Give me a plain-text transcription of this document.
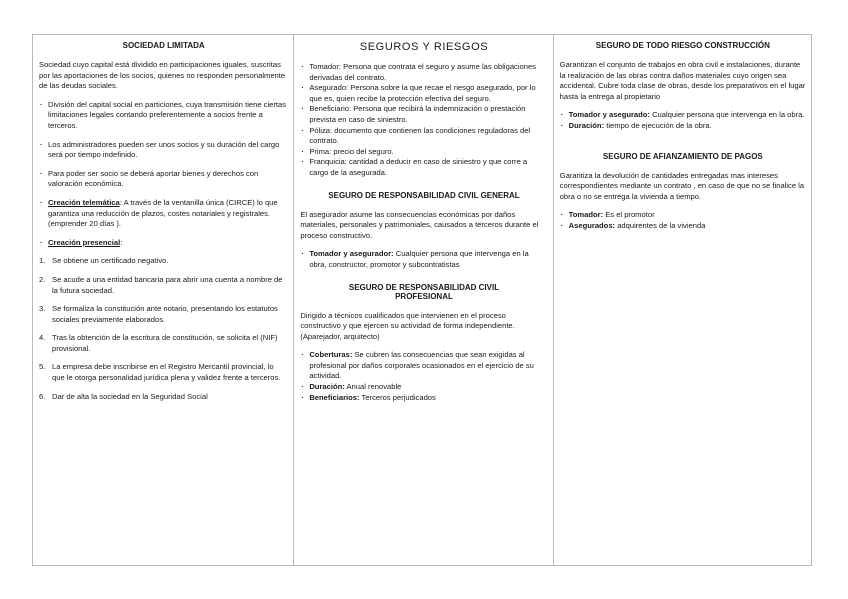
SOCIEDAD LIMITADA

Sociedad cuyo capital está dividido en participaciones iguales, suscritas por las aportaciones de los socios, quienes no responden personalmente de las deudas sociales.

· División del capital social en particiones, cuya transmisión tiene ciertas limitaciones legales contando preferentemente a socios frente a terceros.
· Los administradores pueden ser unos socios y su duración del cargo será por tiempo indefinido.
· Para poder ser socio se deberá aportar bienes y derechos con valoración económica.
· Creación telemática: A través de la ventanilla única (CIRCE) lo que garantiza una reducción de plazos, costes notariales y registrales.(emprender 20 días ).
· Creación presencial:
1. Se obtiene un certificado negativo.
2. Se acude a una entidad bancaria para abrir una cuenta a nombre de la futura sociedad.
3. Se formaliza la constitución ante notario, presentando los estatutos sociales previamente elaborados.
4. Tras la obtención de la escritura de constitución, se solicita el (NIF) provisional.
5. La empresa debe inscribirse en el Registro Mercantil provincial, lo que le otorga personalidad jurídica plena y validez frente a terceros.
6. Dar de alta la sociedad en la Seguridad Social
SEGUROS Y RIESGOS
· Tomador: Persona que contrata el seguro y asume las obligaciones derivadas del contrato.
· Asegurado: Persona sobre la que recae el riesgo asegurado, por lo que es, quien recibe la protección efectiva del seguro.
· Beneficiario: Persona que recibirá la indemnización o prestación prevista en caso de siniestro.
· Póliza: documento que contienen las condiciones reguladoras del contrato.
· Prima: precio del seguro.
· Franquicia: cantidad a deducir en caso de siniestro y que corre a cargo de la asegurada.
SEGURO DE RESPONSABILIDAD CIVIL GENERAL

El asegurador asume las consecuencias económicas por daños materiales, personales y patrimoniales, causados a terceros durante el proceso constructivo.

· Tomador y asegurador: Cualquier persona que intervenga en la obra, constructor, promotor y subcontratistas
SEGURO DE RESPONSABILIDAD CIVIL PROFESIONAL

Dirigido a técnicos cualificados que intervienen en el proceso constructivo y que ejercen su actividad de forma independiente. (Aparejador, arquitecto)

· Coberturas: Se cubren las consecuencias que sean exigidas al profesional por daños corporales ocasionados en el ejercicio de su actividad.
· Duración: Anual renovable
· Beneficiarios: Terceros perjudicados
SEGURO DE TODO RIESGO CONSTRUCCIÓN

Garantizan el conjunto de trabajos en obra civil e instalaciones, durante la realización de las obras contra daños materiales cuyo origen sea accidental. Cubre toda clase de obras, desde los preparativos en el lugar hasta la entrega al propietario

· Tomador y asegurado: Cualquier persona que intervenga en la obra.
· Duración: tiempo de ejecución de la obra.
SEGURO DE AFIANZAMIENTO DE PAGOS

Garantiza la devolución de cantidades entregadas mas intereses correspondientes mediante un contrato , en caso de que no se finalice la obra o no se entrega la vivienda a tiempo.

· Tomador: Es el promotor
· Asegurados: adquirentes de la vivienda
